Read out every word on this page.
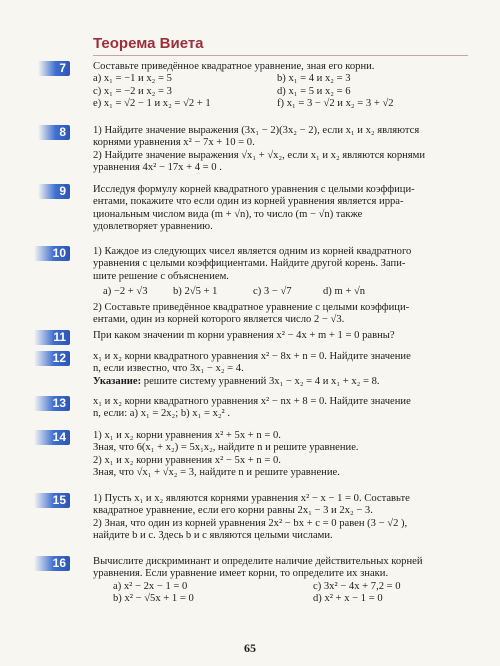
Теорема Виета
7	Составьте приведённое квадратное уравнение, зная его корни.

a) x₁ = −1 и x₂ = 5	b) x₁ = 4 и x₂ = 3
c) x₁ = −2 и x₂ = 3	d) x₁ = 5 и x₂ = 6
e) x₁ = √2 − 1 и x₂ = √2 + 1	f) x₁ = 3 − √2 и x₂ = 3 + √2
8	1) Найдите значение выражения (3x₁ − 2)(3x₂ − 2), если x₁ и x₂ являются

корнями уравнения x² − 7x + 10 = 0.

2) Найдите значение выражения √x₁ + √x₂, если x₁ и x₂ являются корнями

уравнения 4x² − 17x + 4 = 0 .

9	Исследуя формулу корней квадратного уравнения с целыми коэффици-

ентами, покажите что если один из корней уравнения является ирра-

циональным числом вида (m + √n), то число (m − √n) также

удовлетворяет уравнению.

10	1) Каждое из следующих чисел является одним из корней квадратного

уравнения с целыми коэффициентами. Найдите другой корень. Запи-

шите решение с объяснением.

a) −2 + √3	b) 2√5 + 1	c) 3 − √7	d) m + √n

2) Составьте приведённое квадратное уравнение с целыми коэффици-

ентами, один из корней которого является число 2 − √3.

11	При каком значении m корни уравнения x² − 4x + m + 1 = 0 равны?

12	x₁ и x₂ корни квадратного уравнения x² − 8x + n = 0. Найдите значение

n, если известно, что 3x₁ − x₂ = 4.

Указание: решите систему уравнений 3x₁ − x₂ = 4 и x₁ + x₂ = 8.

13	x₁ и x₂ корни квадратного уравнения x² − nx + 8 = 0. Найдите значение

n, если: а) x₁ = 2x₂; b) x₁ = x₂² .

14	1) x₁ и x₂ корни уравнения x² + 5x + n = 0.

Зная, что 6(x₁ + x₂) = 5x₁x₂, найдите n и решите уравнение.

2) x₁ и x₂ корни уравнения x² − 5x + n = 0.

Зная, что √x₁ + √x₂ = 3, найдите n и решите уравнение.

15	1) Пусть x₁ и x₂ являются корнями уравнения x² − x − 1 = 0. Составьте

квадратное уравнение, если его корни равны 2x₁ − 3 и 2x₂ − 3.

2) Зная, что один из корней уравнения 2x² − bx + c = 0 равен (3 − √2 ),

найдите b и c. Здесь b и c являются целыми числами.

16	Вычислите дискриминант и определите наличие действительных корней

уравнения. Если уравнение имеет корни, то определите их знаки.

a) x² − 2x − 1 = 0	c) 3x² − 4x + 7,2 = 0
b) x² − √5x + 1 = 0	d) x² + x − 1 = 0
65
